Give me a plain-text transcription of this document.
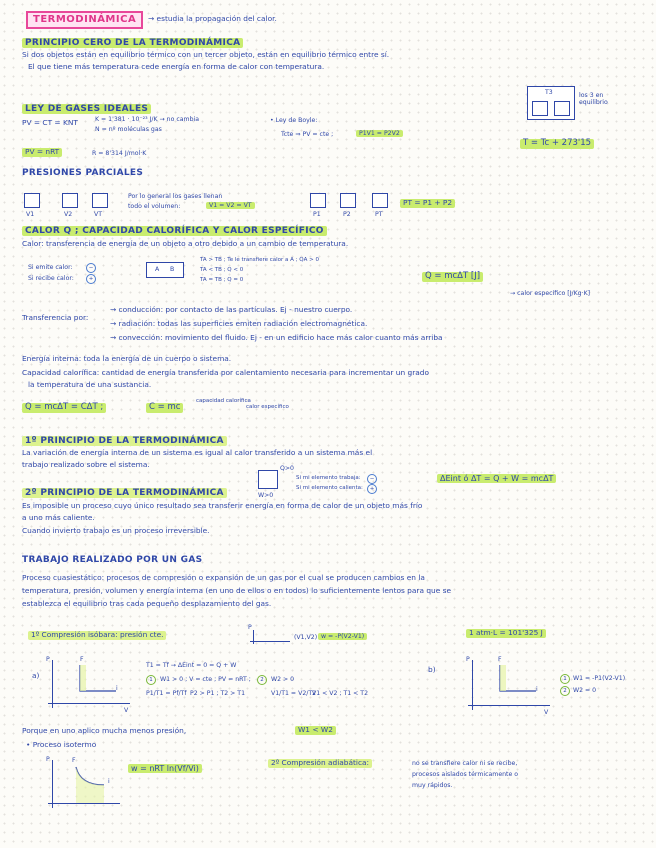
TERMODINÁMICA	→ estudia la propagación del calor.
PRINCIPIO CERO DE LA TERMODINÁMICA
Si dos objetos están en equilibrio térmico con un tercer objeto, están en equilibrio térmico entre sí.
El que tiene más temperatura cede energía en forma de calor con temperatura.
T3	los 3 en equilibrio
T = Tc + 273'15
LEY DE GASES IDEALES
PV = CT = KNT	K = 1'381 · 10⁻²³ J/K → no cambia
N = nº moléculas gas
• Ley de Boyle:
Tcte ⇒ PV = cte ;	P1V1 = P2V2
PV = nRT	R = 8'314 J/mol·K
PRESIONES PARCIALES
V1	V2	VT
Por lo general los gases llenan
todo el volumen:	V1 = V2 = VT
P1	P2	PT
PT = P1 + P2
CALOR Q ; CAPACIDAD CALORÍFICA Y CALOR ESPECÍFICO
Calor: transferencia de energía de un objeto a otro debido a un cambio de temperatura.
Si emite calor:	−
Si recibe calor:	+
A B
TA > TB ; Te le transfiere calor a A ; QA > 0
TA < TB ; Q < 0
TA = TB ; Q = 0	Q = mcΔT [J]
→ calor específico [J/Kg·K]
Transferencia por:
→ conducción: por contacto de las partículas. Ej - nuestro cuerpo.
→ radiación: todas las superficies emiten radiación electromagnética.
→ convección: movimiento del fluido. Ej - en un edificio hace más calor cuanto más arriba
Energía interna: toda la energía de un cuerpo o sistema.
Capacidad calorífica: cantidad de energía transferida por calentamiento necesaria para incrementar un grado
la temperatura de una sustancia.
Q = mcΔT = CΔT ;	C = mc
capacidad calorífica
calor específico
1º PRINCIPIO DE LA TERMODINÁMICA
La variación de energía interna de un sistema es igual al calor transferido a un sistema más el
trabajo realizado sobre el sistema.	Q>0
W>0
Si mi elemento trabaja:	−
Si mi elemento calienta:	+
ΔEint ó ΔT = Q + W = mcΔT
2º PRINCIPIO DE LA TERMODINÁMICA
Es imposible un proceso cuyo único resultado sea transferir energía en forma de calor de un objeto más frío
a uno más caliente.
Cuando invierto trabajo es un proceso irreversible.
TRABAJO REALIZADO POR UN GAS
Proceso cuasiestático: procesos de compresión o expansión de un gas por el cual se producen cambios en la
temperatura, presión, volumen y energía interna (en uno de ellos o en todos) lo suficientemente lentos para que se
establezca el equilibrio tras cada pequeño desplazamiento del gas.
1º Compresión isóbara: presión cte.
P
(V1,V2) w = -P(V2-V1)	1 atm·L = 101'325 J
a)
P	F
i
V
T1 = Tf → ΔEint = 0 = Q + W
1	W1 > 0 ; V = cte ; PV = nRT ;
P1/T1 = Pf/Tf P2 > P1 ; T2 > T1
2	W2 > 0
V1/T1 = V2/T2
V1 < V2 ; T1 < T2
b)
P	F
i
V
1	W1 = -P1(V2-V1)
2	W2 = 0
Porque en uno aplico mucha menos presión,	W1 < W2
• Proceso isotermo
P	F
i
w = nRT ln(Vf/Vi)
2º Compresión adiabática:	no se transfiere calor ni se recibe,
procesos aislados térmicamente o
muy rápidos.
